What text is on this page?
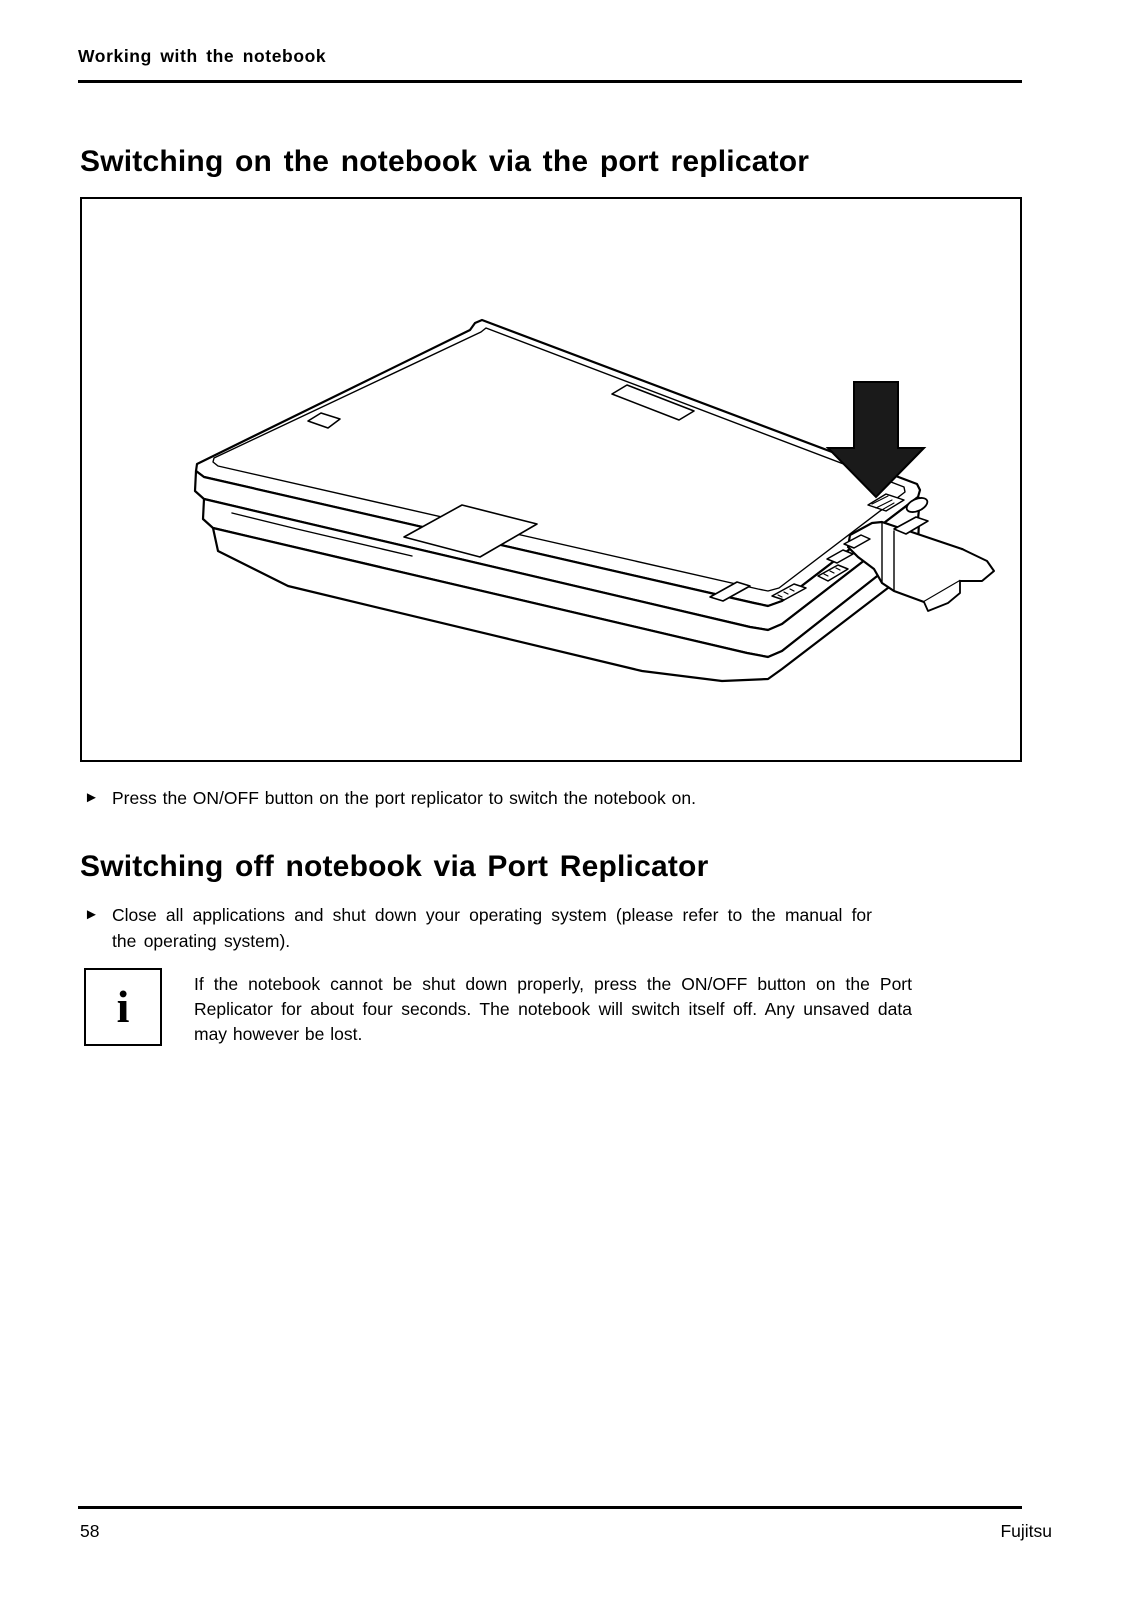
Working with the notebook
Switching on the notebook via the port replicator
► Press the ON/OFF button on the port replicator to switch the notebook on.
Switching off notebook via Port Replicator
► Close all applications and shut down your operating system (please refer to the manual for the operating system).
i	If the notebook cannot be shut down properly, press the ON/OFF button on the Port Replicator for about four seconds. The notebook will switch itself off. Any unsaved data may however be lost.
58	Fujitsu
